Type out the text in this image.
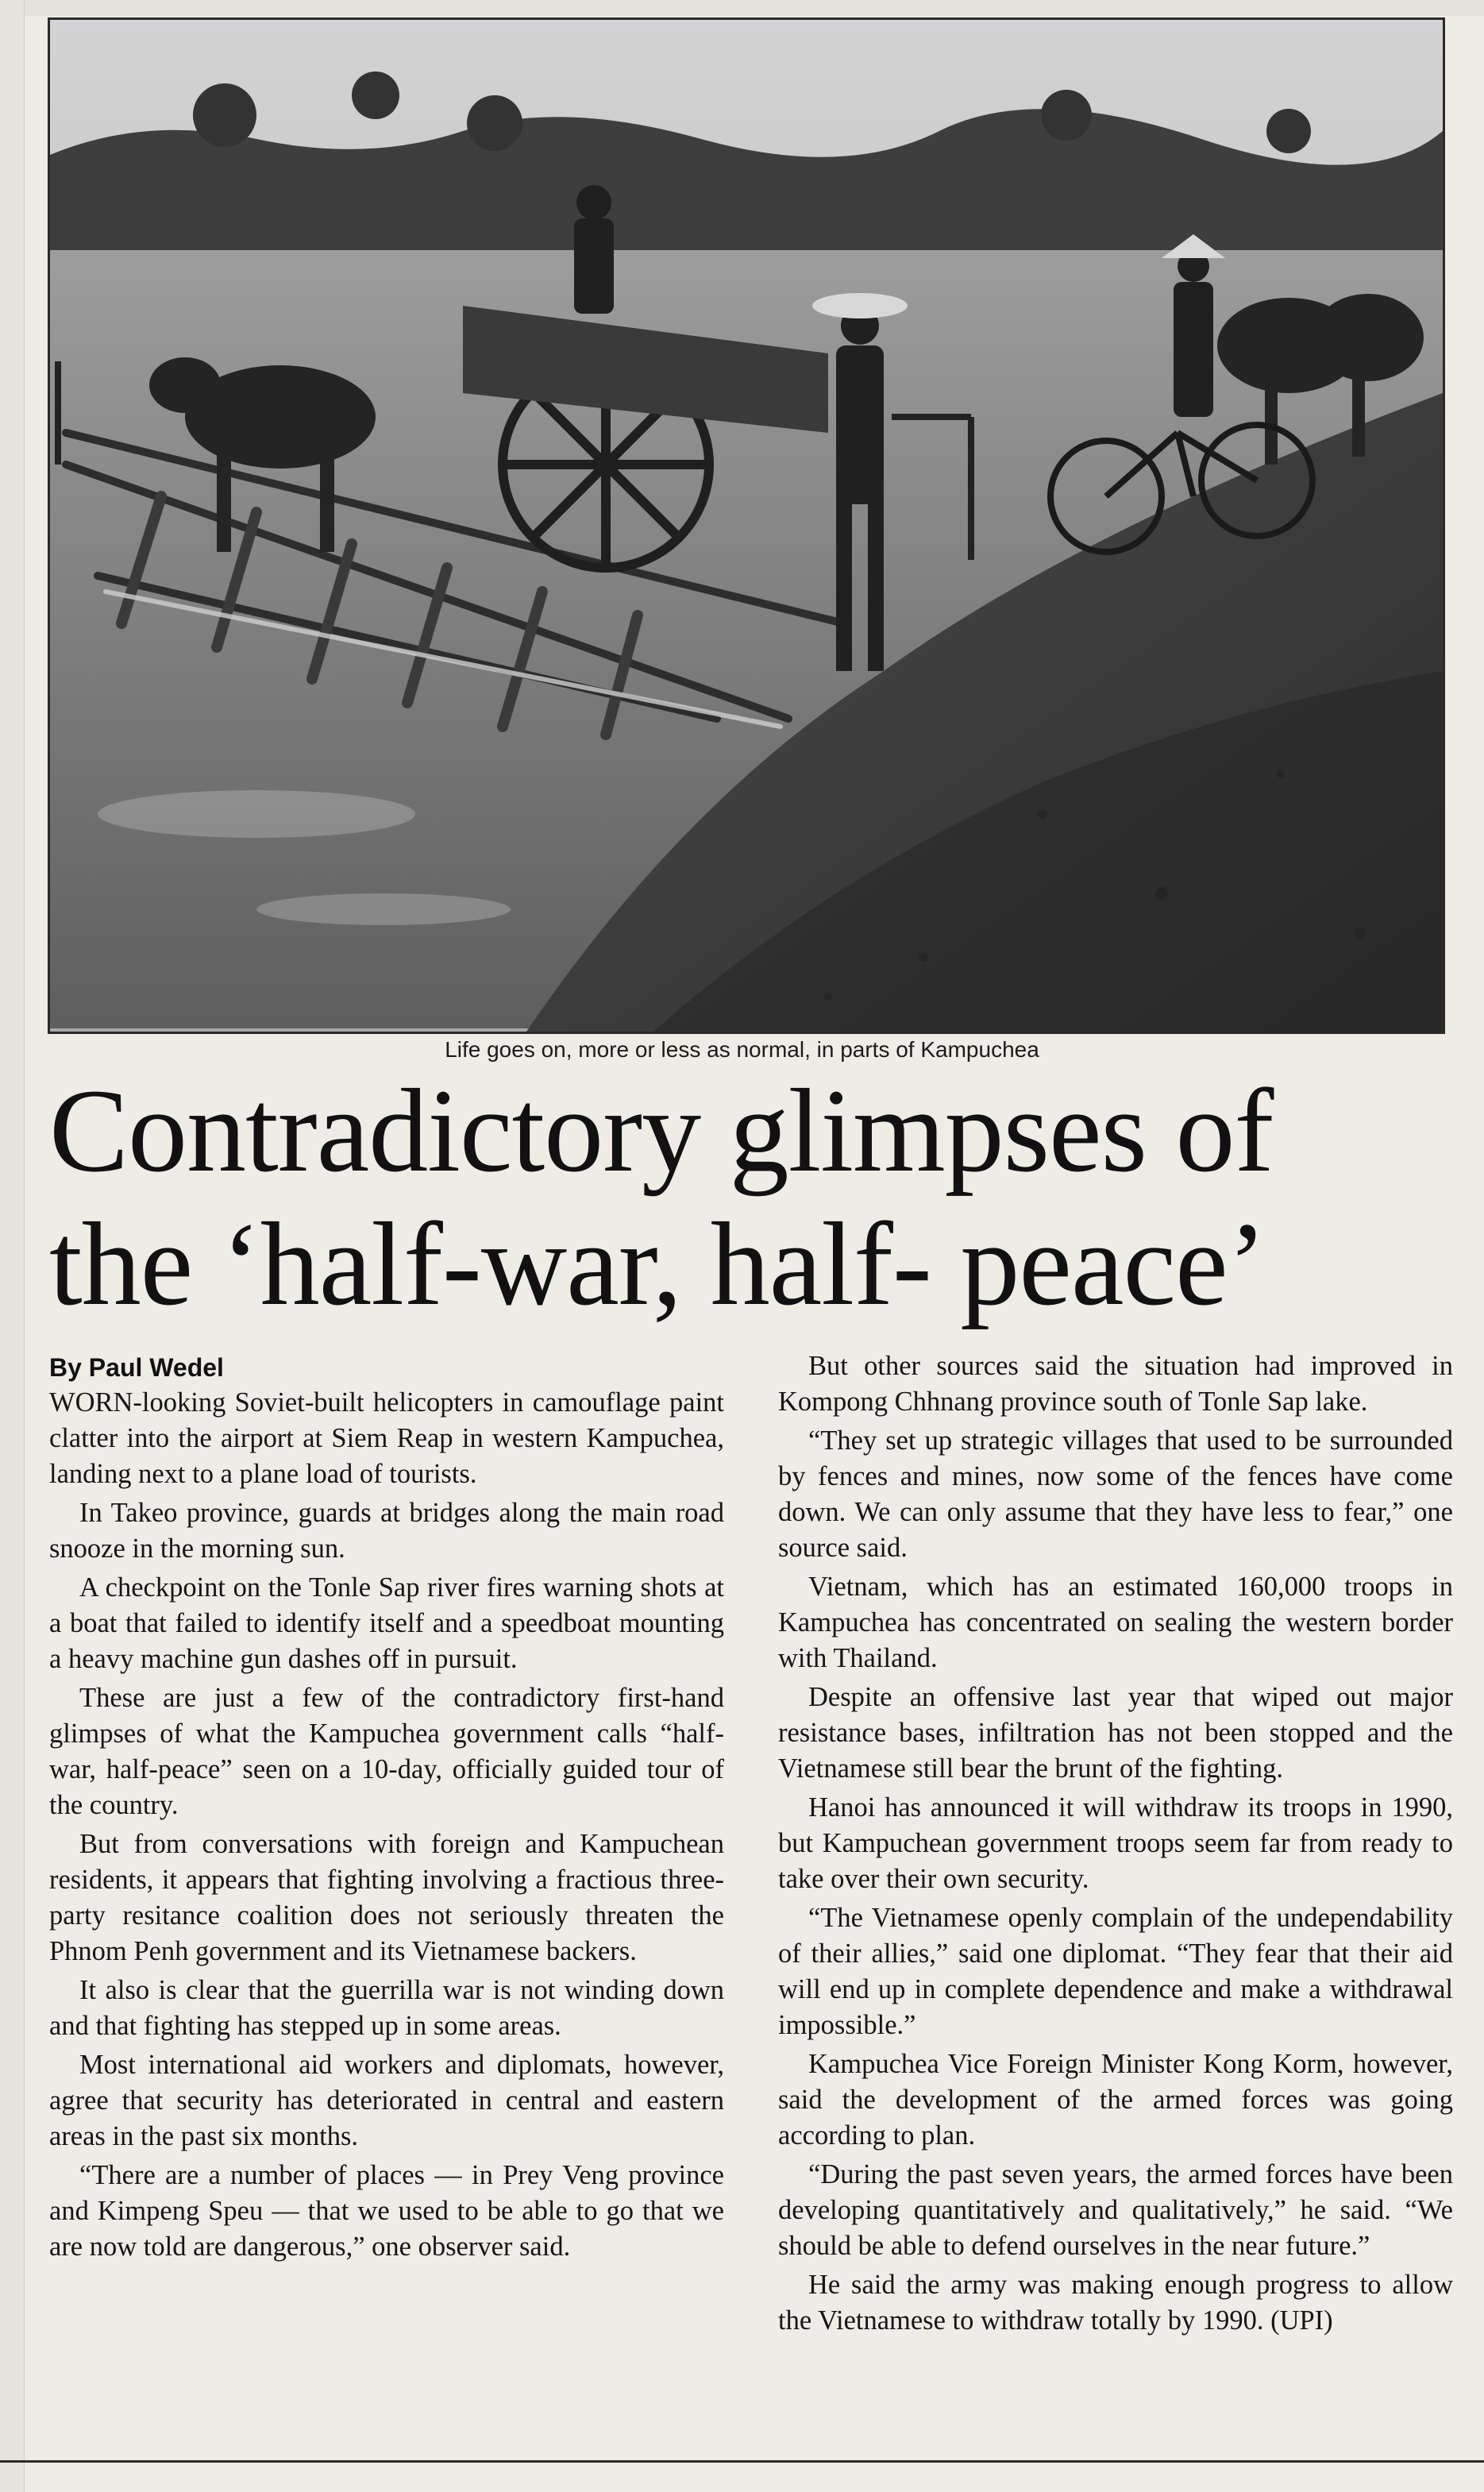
Life goes on, more or less as normal, in parts of Kampuchea
Contradictory glimpses of
the ‘half-war, half- peace’
By Paul Wedel

WORN-looking Soviet-built helicopters in camouflage paint clatter into the airport at Siem Reap in western Kampuchea, landing next to a plane load of tourists.

In Takeo province, guards at bridges along the main road snooze in the morning sun.

A checkpoint on the Tonle Sap river fires warning shots at a boat that failed to identify itself and a speedboat mounting a heavy machine gun dashes off in pursuit.

These are just a few of the contradictory first-hand glimpses of what the Kampuchea government calls “half-war, half-peace” seen on a 10-day, officially guided tour of the country.

But from conversations with foreign and Kampuchean residents, it appears that fighting involving a fractious three-party resitance coalition does not seriously threaten the Phnom Penh government and its Vietnamese backers.

It also is clear that the guerrilla war is not winding down and that fighting has stepped up in some areas.

Most international aid workers and diplomats, however, agree that security has deteriorated in central and eastern areas in the past six months.

“There are a number of places — in Prey Veng province and Kimpeng Speu — that we used to be able to go that we are now told are dangerous,” one observer said.

But other sources said the situation had improved in Kompong Chhnang province south of Tonle Sap lake.

“They set up strategic villages that used to be surrounded by fences and mines, now some of the fences have come down. We can only assume that they have less to fear,” one source said.

Vietnam, which has an estimated 160,000 troops in Kampuchea has concentrated on sealing the western border with Thailand.

Despite an offensive last year that wiped out major resistance bases, infiltration has not been stopped and the Vietnamese still bear the brunt of the fighting.

Hanoi has announced it will withdraw its troops in 1990, but Kampuchean government troops seem far from ready to take over their own security.

“The Vietnamese openly complain of the undependability of their allies,” said one diplomat. “They fear that their aid will end up in complete dependence and make a withdrawal impossible.”

Kampuchea Vice Foreign Minister Kong Korm, however, said the development of the armed forces was going according to plan.

“During the past seven years, the armed forces have been developing quantitatively and qualitatively,” he said. “We should be able to defend ourselves in the near future.”

He said the army was making enough progress to allow the Vietnamese to withdraw totally by 1990. (UPI)
